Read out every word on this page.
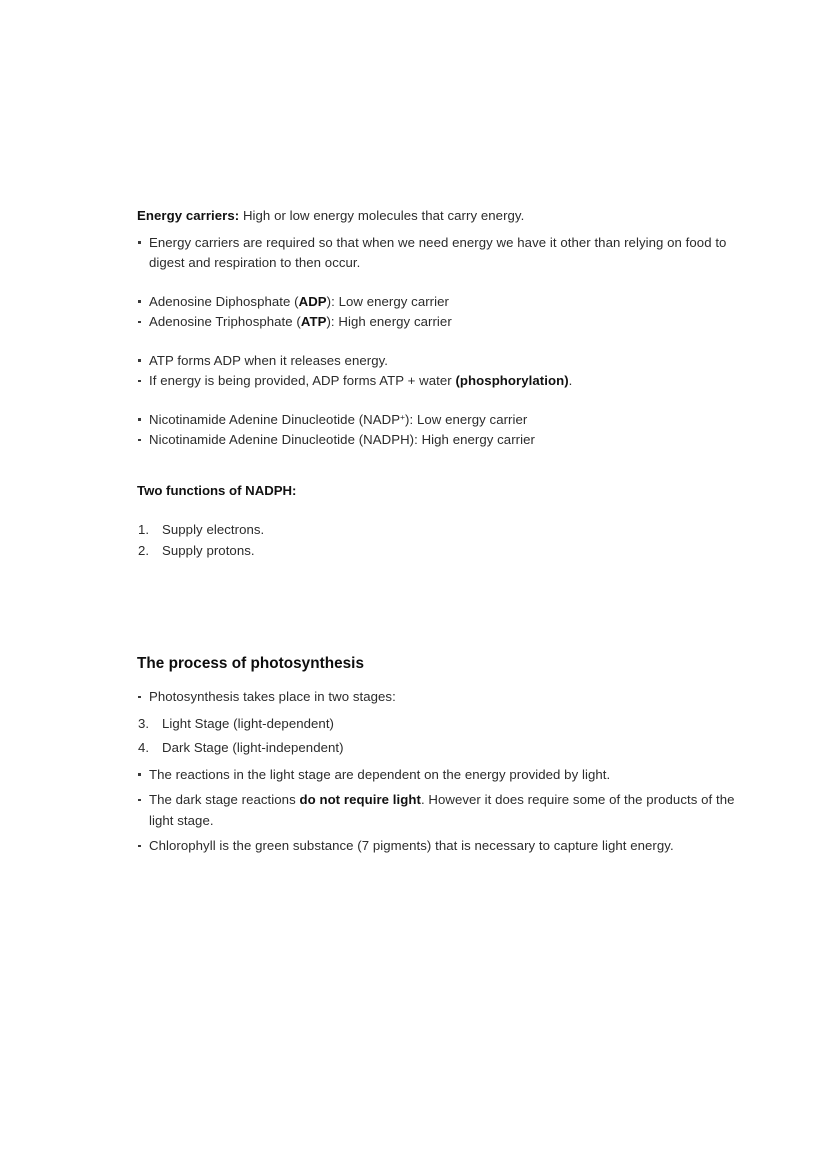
Energy carriers: High or low energy molecules that carry energy.

Energy carriers are required so that when we need energy we have it other than relying on food to digest and respiration to then occur.
Adenosine Diphosphate (ADP): Low energy carrier
Adenosine Triphosphate (ATP): High energy carrier
ATP forms ADP when it releases energy.
If energy is being provided, ADP forms ATP + water (phosphorylation).
Nicotinamide Adenine Dinucleotide (NADP+): Low energy carrier
Nicotinamide Adenine Dinucleotide (NADPH): High energy carrier

Two functions of NADPH:

1. Supply electrons.
2. Supply protons.
The process of photosynthesis
Photosynthesis takes place in two stages:
3. Light Stage (light-dependent)
4. Dark Stage (light-independent)
The reactions in the light stage are dependent on the energy provided by light.
The dark stage reactions do not require light. However it does require some of the products of the light stage.
Chlorophyll is the green substance (7 pigments) that is necessary to capture light energy.
